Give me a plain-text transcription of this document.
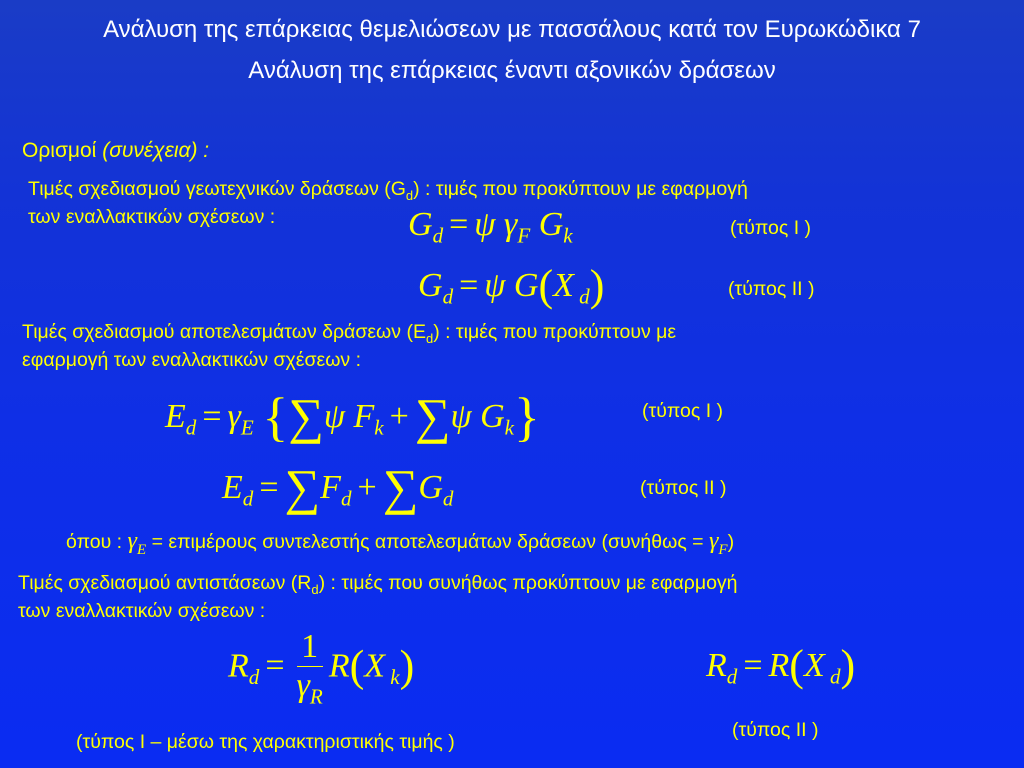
Ανάλυση της επάρκειας θεμελιώσεων με πασσάλους κατά τον Ευρωκώδικα 7
Ανάλυση της επάρκειας έναντι αξονικών δράσεων
Ορισμοί (συνέχεια) :
Τιμές σχεδιασμού γεωτεχνικών δράσεων $(G_d)$ : τιμές που προκύπτουν με εφαρμογή
των εναλλακτικών σχέσεων :	$G_d = \psi$ $\gamma_F$ $G_k$	(τύπος Ι )
$G_d = \psi$ G(X $_d$)	(τύπος ΙΙ )
Τιμές σχεδιασμού αποτελεσμάτων δράσεων $(E_d)$ : τιμές που προκύπτουν με
εφαρμογή των εναλλακτικών σχέσεων :
$E_d = \gamma_E$ {∑ψ $F_k + \sum\psi$ $G_k$}	(τύπος Ι )
$E_d = \sum F_d + \sum G_d$	(τύπος ΙΙ )
όπου : $\gamma_E = \varepsilon\pi\iota\mu έ\rho o\upsilon\varsigma$ συντελεστής αποτελεσμάτων δράσεων $(\sigma\upsilon\nu ή\theta\omega\varsigma = \gamma_F)$
Τιμές σχεδιασμού αντιστάσεων $(R_d)$ : τιμές που συνήθως προκύπτουν με εφαρμογή
των εναλλακτικών σχέσεων :
$R_d = \frac{1}{\gamma_R} R(X$ $_k$)
(τύπος Ι – μέσω της χαρακτηριστικής τιμής )
$R_d = R(X$ $_d$)
(τύπος ΙΙ )
